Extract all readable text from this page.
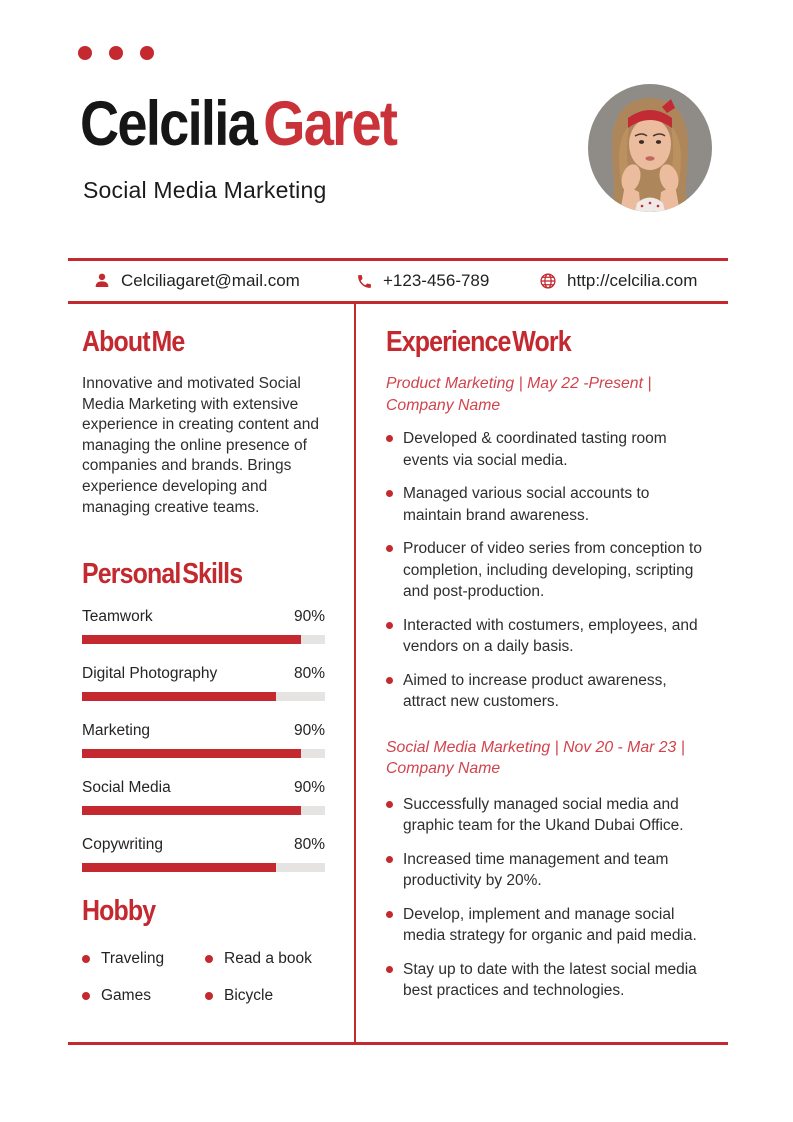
Celcilia Garet
Social Media Marketing
Celciliagaret@mail.com	+123-456-789	http://celcilia.com
About Me

Innovative and motivated Social Media Marketing with extensive experience in creating content and managing the online presence of companies and brands. Brings experience developing and managing creative teams.

Personal Skills
Teamwork	90%
Digital Photography	80%
Marketing	90%
Social Media	90%
Copywriting	80%
Hobby
Traveling	Read a book
Games	Bicycle
Experience Work

Product Marketing | May 22 -Present | Company Name

Developed & coordinated tasting room events via social media.
Managed various social accounts to maintain brand awareness.
Producer of video series from conception to completion, including developing, scripting and post-production.
Interacted with costumers, employees, and vendors on a daily basis.
Aimed to increase product awareness, attract new customers.

Social Media Marketing | Nov 20 - Mar 23 | Company Name

Successfully managed social media and graphic team for the Ukand Dubai Office.
Increased time management and team productivity by 20%.
Develop, implement and manage social media strategy for organic and paid media.
Stay up to date with the latest social media best practices and technologies.
